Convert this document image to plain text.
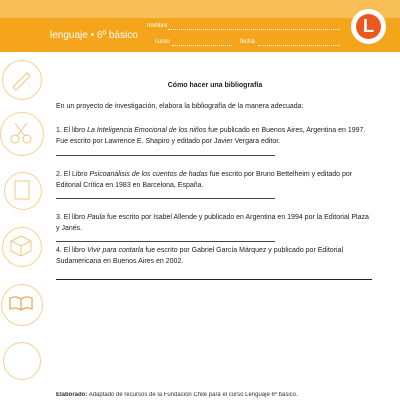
lenguaje • 6º básico
nombre
curso	fecha
L
Cómo hacer una bibliografía
En un proyecto de investigación, elabora la bibliografía de la manera adecuada:
1. El libro La Inteligencia Emocional de los niños fue publicado en Buenos Aires, Argentina en 1997. Fue escrito por Lawrence E. Shapiro y editado por Javier Vergara editor.
2. El Libro Psicoanálisis de los cuentos de hadas fue escrito por Bruno Bettelheim y editado por Editorial Crítica en 1983 en Barcelona, España.
3. El libro Paula fue escrito por Isabel Allende y publicado en Argentina en 1994 por la Editorial Plaza y Janés.
4. El libro Vivir para contarla fue escrito por Gabriel García Márquez y publicado por Editorial Sudamericana en Buenos Aires en 2002.
Elaborado: Adaptado de recursos de la Fundación Chile para el curso Lenguaje 6º básico.
